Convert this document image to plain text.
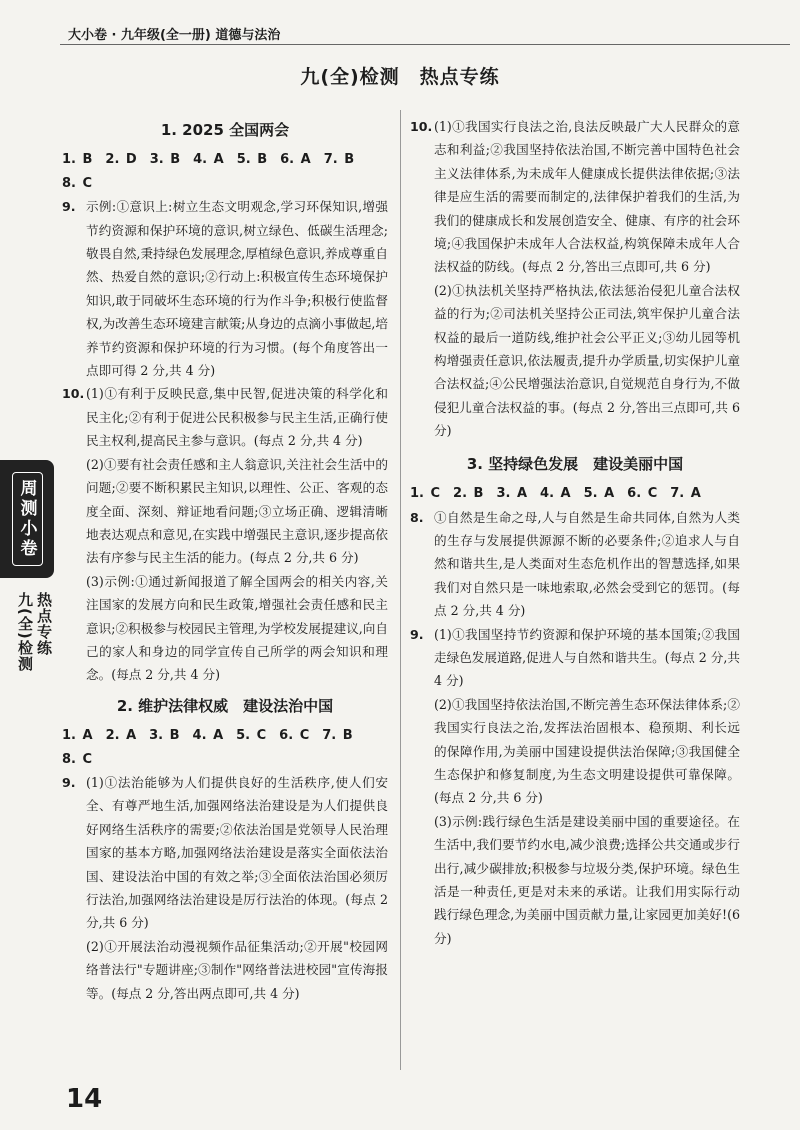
大小卷 · 九年级(全一册) 道德与法治
九(全)检测　热点专练
周测小卷
九(全)检测 热点专练
1. 2025 全国两会
1. B　2. D　3. B　4. A　5. B　6. A　7. B
8. C
9. 示例:①意识上:树立生态文明观念,学习环保知识,增强节约资源和保护环境的意识,树立绿色、低碳生活理念;敬畏自然,秉持绿色发展理念,厚植绿色意识,养成尊重自然、热爱自然的意识;②行动上:积极宣传生态环境保护知识,敢于同破坏生态环境的行为作斗争;积极行使监督权,为改善生态环境建言献策;从身边的点滴小事做起,培养节约资源和保护环境的行为习惯。(每个角度答出一点即可得 2 分,共 4 分)

10. (1)①有利于反映民意,集中民智,促进决策的科学化和民主化;②有利于促进公民积极参与民主生活,正确行使民主权利,提高民主参与意识。(每点 2 分,共 4 分)

(2)①要有社会责任感和主人翁意识,关注社会生活中的问题;②要不断积累民主知识,以理性、公正、客观的态度全面、深刻、辩证地看问题;③立场正确、逻辑清晰地表达观点和意见,在实践中增强民主意识,逐步提高依法有序参与民主生活的能力。(每点 2 分,共 6 分)

(3)示例:①通过新闻报道了解全国两会的相关内容,关注国家的发展方向和民生政策,增强社会责任感和民主意识;②积极参与校园民主管理,为学校发展提建议,向自己的家人和身边的同学宣传自己所学的两会知识和理念。(每点 2 分,共 4 分)

2. 维护法律权威　建设法治中国
1. A　2. A　3. B　4. A　5. C　6. C　7. B
8. C
9. (1)①法治能够为人们提供良好的生活秩序,使人们安全、有尊严地生活,加强网络法治建设是为人们提供良好网络生活秩序的需要;②依法治国是党领导人民治理国家的基本方略,加强网络法治建设是落实全面依法治国、建设法治中国的有效之举;③全面依法治国必须厉行法治,加强网络法治建设是厉行法治的体现。(每点 2 分,共 6 分)

(2)①开展法治动漫视频作品征集活动;②开展"校园网络普法行"专题讲座;③制作"网络普法进校园"宣传海报等。(每点 2 分,答出两点即可,共 4 分)

10. (1)①我国实行良法之治,良法反映最广大人民群众的意志和利益;②我国坚持依法治国,不断完善中国特色社会主义法律体系,为未成年人健康成长提供法律依据;③法律是应生活的需要而制定的,法律保护着我们的生活,为我们的健康成长和发展创造安全、健康、有序的社会环境;④我国保护未成年人合法权益,构筑保障未成年人合法权益的防线。(每点 2 分,答出三点即可,共 6 分)

(2)①执法机关坚持严格执法,依法惩治侵犯儿童合法权益的行为;②司法机关坚持公正司法,筑牢保护儿童合法权益的最后一道防线,维护社会公平正义;③幼儿园等机构增强责任意识,依法履责,提升办学质量,切实保护儿童合法权益;④公民增强法治意识,自觉规范自身行为,不做侵犯儿童合法权益的事。(每点 2 分,答出三点即可,共 6 分)

3. 坚持绿色发展　建设美丽中国
1. C　2. B　3. A　4. A　5. A　6. C　7. A
8. ①自然是生命之母,人与自然是生命共同体,自然为人类的生存与发展提供源源不断的必要条件;②追求人与自然和谐共生,是人类面对生态危机作出的智慧选择,如果我们对自然只是一味地索取,必然会受到它的惩罚。(每点 2 分,共 4 分)

9. (1)①我国坚持节约资源和保护环境的基本国策;②我国走绿色发展道路,促进人与自然和谐共生。(每点 2 分,共 4 分)

(2)①我国坚持依法治国,不断完善生态环保法律体系;②我国实行良法之治,发挥法治固根本、稳预期、利长远的保障作用,为美丽中国建设提供法治保障;③我国健全生态保护和修复制度,为生态文明建设提供可靠保障。(每点 2 分,共 6 分)

(3)示例:践行绿色生活是建设美丽中国的重要途径。在生活中,我们要节约水电,减少浪费;选择公共交通或步行出行,减少碳排放;积极参与垃圾分类,保护环境。绿色生活是一种责任,更是对未来的承诺。让我们用实际行动践行绿色理念,为美丽中国贡献力量,让家园更加美好!(6 分)

14
